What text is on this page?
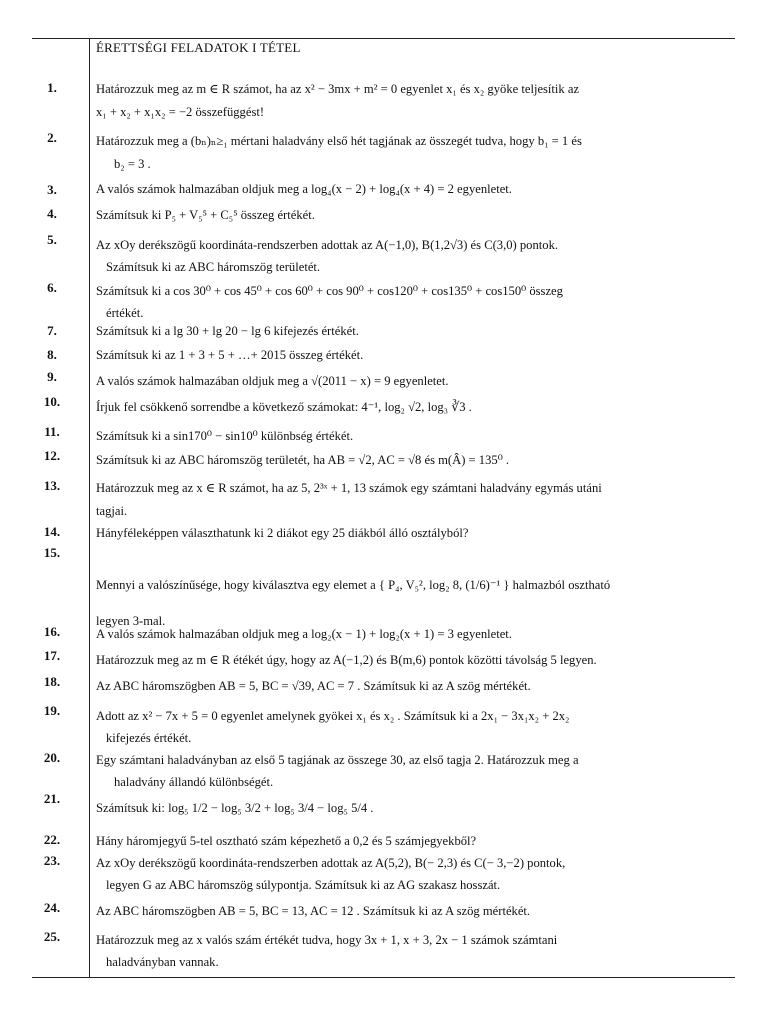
ÉRETTSÉGI FELADATOK I TÉTEL
1.	Határozzuk meg az m ∈ R számot, ha az x² − 3mx + m² = 0 egyenlet x₁ és x₂ gyöke teljesítik az
x₁ + x₂ + x₁x₂ = −2 összefüggést!
2.	Határozzuk meg a (bₙ)ₙ≥₁ mértani haladvány első hét tagjának az összegét tudva, hogy b₁ = 1 és
b₂ = 3 .
3.	A valós számok halmazában oldjuk meg a log₄(x − 2) + log₄(x + 4) = 2 egyenletet.
4.	Számítsuk ki P₅ + V₅⁵ + C₅⁵ összeg értékét.
5.	Az xOy derékszögű koordináta-rendszerben adottak az A(−1,0), B(1,2√3) és C(3,0) pontok.
Számítsuk ki az ABC háromszög területét.
6.	Számítsuk ki a cos 30⁰ + cos 45⁰ + cos 60⁰ + cos 90⁰ + cos120⁰ + cos135⁰ + cos150⁰ összeg
értékét.
7.	Számítsuk ki a lg 30 + lg 20 − lg 6 kifejezés értékét.
8.	Számítsuk ki az 1 + 3 + 5 + …+ 2015 összeg értékét.
9.	A valós számok halmazában oldjuk meg a √(2011 − x) = 9 egyenletet.
10.	Írjuk fel csökkenő sorrendbe a következő számokat: 4⁻¹, log₂ √2, log₃ ∛3 .
11.	Számítsuk ki a sin170⁰ − sin10⁰ különbség értékét.
12.	Számítsuk ki az ABC háromszög területét, ha AB = √2, AC = √8 és m(Â) = 135⁰ .
13.	Határozzuk meg az x ∈ R számot, ha az 5, 2³ˣ + 1, 13 számok egy számtani haladvány egymás utáni
tagjai.
14.	Hányféleképpen választhatunk ki 2 diákot egy 25 diákból álló osztályból?
15.
Mennyi a valószínűsége, hogy kiválasztva egy elemet a { P₄, V₅², log₂ 8, (1/6)⁻¹ } halmazból osztható
legyen 3-mal.
16.	A valós számok halmazában oldjuk meg a log₂(x − 1) + log₂(x + 1) = 3 egyenletet.
17.	Határozzuk meg az m ∈ R étékét úgy, hogy az A(−1,2) és B(m,6) pontok közötti távolság 5 legyen.
18.	Az ABC háromszögben AB = 5, BC = √39, AC = 7 . Számítsuk ki az A szög mértékét.
19.	Adott az x² − 7x + 5 = 0 egyenlet amelynek gyökei x₁ és x₂ . Számítsuk ki a 2x₁ − 3x₁x₂ + 2x₂
kifejezés értékét.
20.	Egy számtani haladványban az első 5 tagjának az összege 30, az első tagja 2. Határozzuk meg a
haladvány állandó különbségét.
21.
Számítsuk ki: log₅ 1/2 − log₅ 3/2 + log₅ 3/4 − log₅ 5/4 .
22.	Hány háromjegyű 5-tel osztható szám képezhető a 0,2 és 5 számjegyekből?
23.	Az xOy derékszögű koordináta-rendszerben adottak az A(5,2), B(− 2,3) és C(− 3,−2) pontok,
legyen G az ABC háromszög súlypontja. Számítsuk ki az AG szakasz hosszát.
24.	Az ABC háromszögben AB = 5, BC = 13, AC = 12 . Számítsuk ki az A szög mértékét.
25.	Határozzuk meg az x valós szám értékét tudva, hogy 3x + 1, x + 3, 2x − 1 számok számtani
haladványban vannak.
